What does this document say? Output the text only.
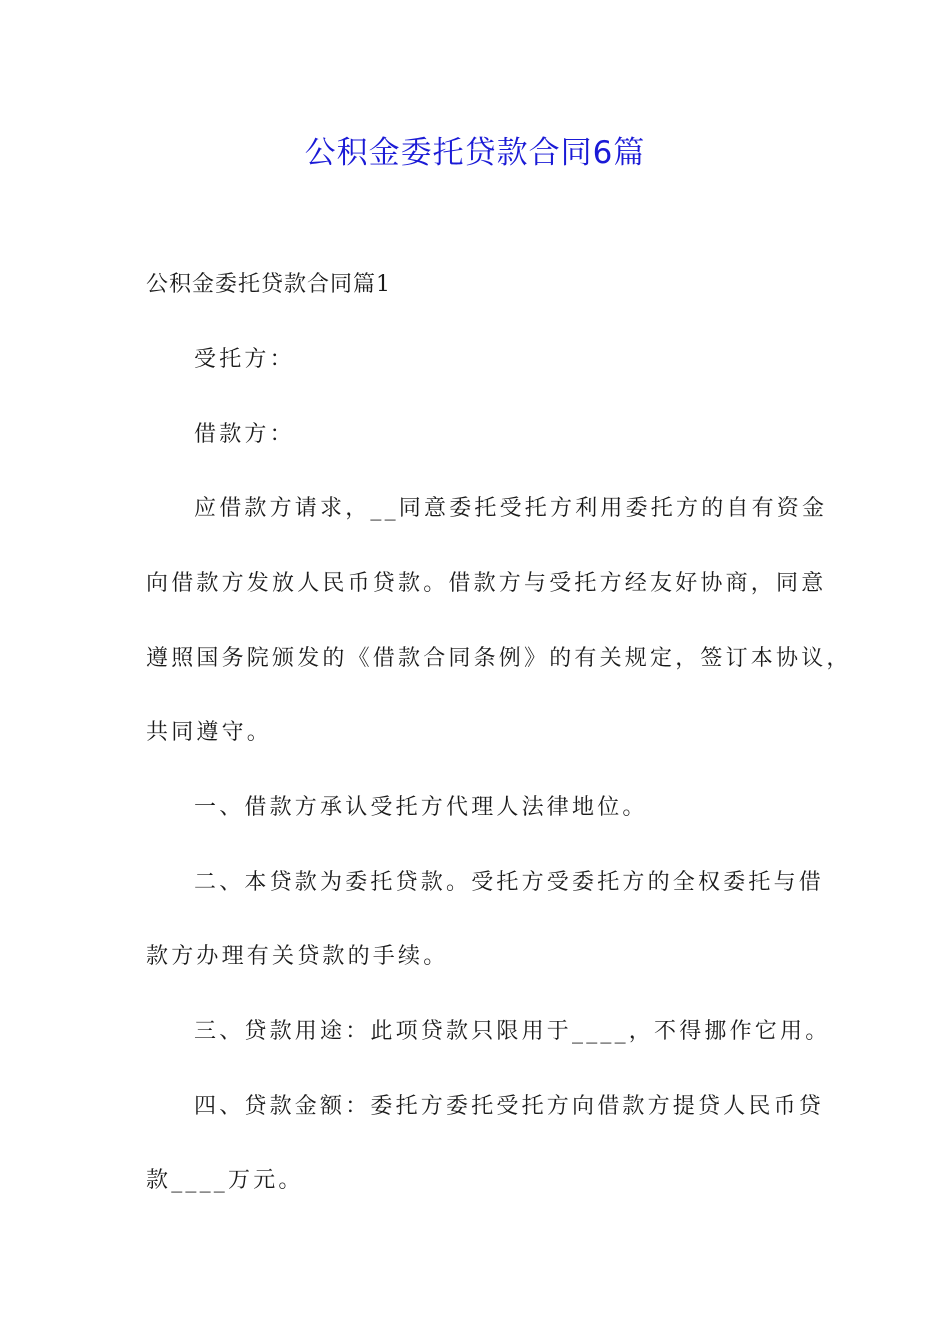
公积金委托贷款合同6篇
公积金委托贷款合同篇1
受托方：
借款方：
应借款方请求，__同意委托受托方利用委托方的自有资金
向借款方发放人民币贷款。借款方与受托方经友好协商，同意
遵照国务院颁发的《借款合同条例》的有关规定，签订本协议，
共同遵守。
一、借款方承认受托方代理人法律地位。
二、本贷款为委托贷款。受托方受委托方的全权委托与借
款方办理有关贷款的手续。
三、贷款用途：此项贷款只限用于____，不得挪作它用。
四、贷款金额：委托方委托受托方向借款方提贷人民币贷
款____万元。
